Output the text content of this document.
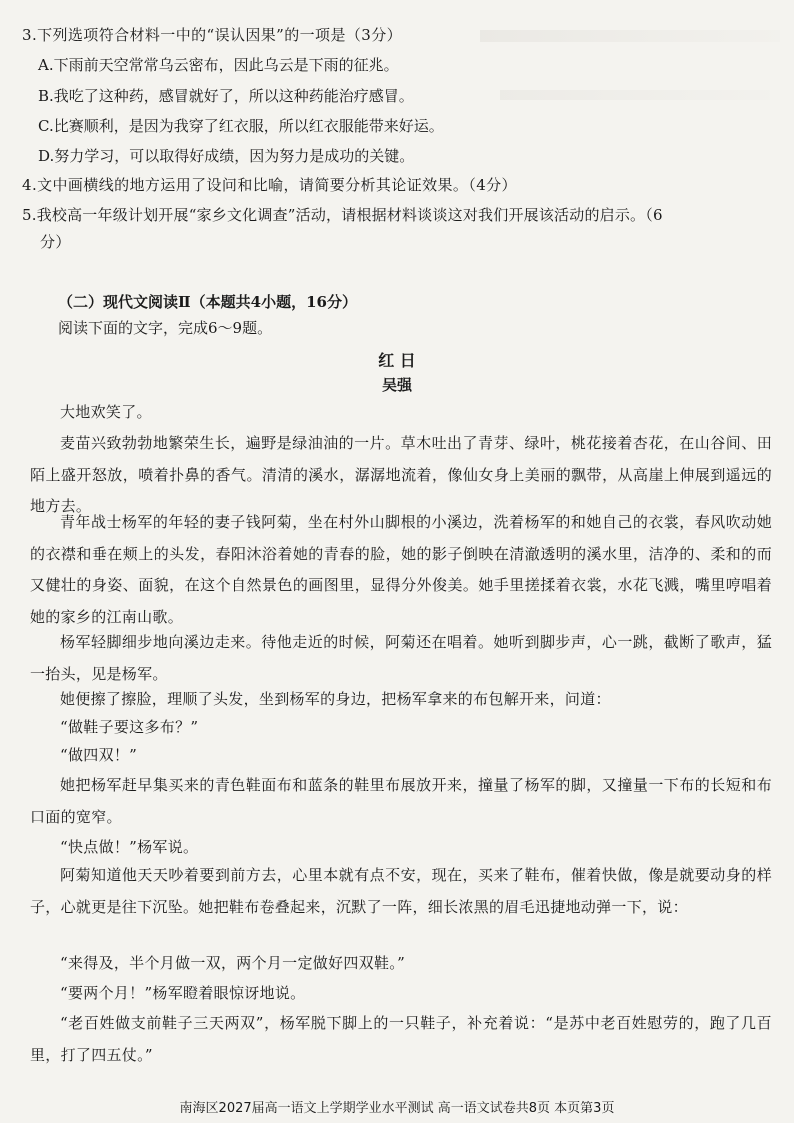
3.下列选项符合材料一中的“误认因果”的一项是（3分）
A.下雨前天空常常乌云密布，因此乌云是下雨的征兆。
B.我吃了这种药，感冒就好了，所以这种药能治疗感冒。
C.比赛顺利，是因为我穿了红衣服，所以红衣服能带来好运。
D.努力学习，可以取得好成绩，因为努力是成功的关键。
4.文中画横线的地方运用了设问和比喻，请简要分析其论证效果。（4分）
5.我校高一年级计划开展“家乡文化调查”活动，请根据材料谈谈这对我们开展该活动的启示。（6
分）
（二）现代文阅读Ⅱ（本题共4小题，16分）
阅读下面的文字，完成6～9题。
红 日
吴强
大地欢笑了。
麦苗兴致勃勃地繁荣生长，遍野是绿油油的一片。草木吐出了青芽、绿叶，桃花接着杏花，在山谷间、田陌上盛开怒放，喷着扑鼻的香气。清清的溪水，潺潺地流着，像仙女身上美丽的飘带，从高崖上伸展到遥远的地方去。
青年战士杨军的年轻的妻子钱阿菊，坐在村外山脚根的小溪边，洗着杨军的和她自己的衣裳，春风吹动她的衣襟和垂在颊上的头发，春阳沐浴着她的青春的脸，她的影子倒映在清澈透明的溪水里，洁净的、柔和的而又健壮的身姿、面貌，在这个自然景色的画图里，显得分外俊美。她手里搓揉着衣裳，水花飞溅，嘴里哼唱着她的家乡的江南山歌。
杨军轻脚细步地向溪边走来。待他走近的时候，阿菊还在唱着。她听到脚步声，心一跳，截断了歌声，猛一抬头，见是杨军。
她便擦了擦脸，理顺了头发，坐到杨军的身边，把杨军拿来的布包解开来，问道：
“做鞋子要这多布？”
“做四双！”
她把杨军赶早集买来的青色鞋面布和蓝条的鞋里布展放开来，撞量了杨军的脚，又撞量一下布的长短和布口面的宽窄。
“快点做！”杨军说。
阿菊知道他天天吵着要到前方去，心里本就有点不安，现在，买来了鞋布，催着快做，像是就要动身的样子，心就更是往下沉坠。她把鞋布卷叠起来，沉默了一阵，细长浓黑的眉毛迅捷地动弹一下，说：
“来得及，半个月做一双，两个月一定做好四双鞋。”
“要两个月！”杨军瞪着眼惊讶地说。
“老百姓做支前鞋子三天两双”，杨军脱下脚上的一只鞋子，补充着说：“是苏中老百姓慰劳的，跑了几百里，打了四五仗。”
南海区2027届高一语文上学期学业水平测试 高一语文试卷共8页 本页第3页
